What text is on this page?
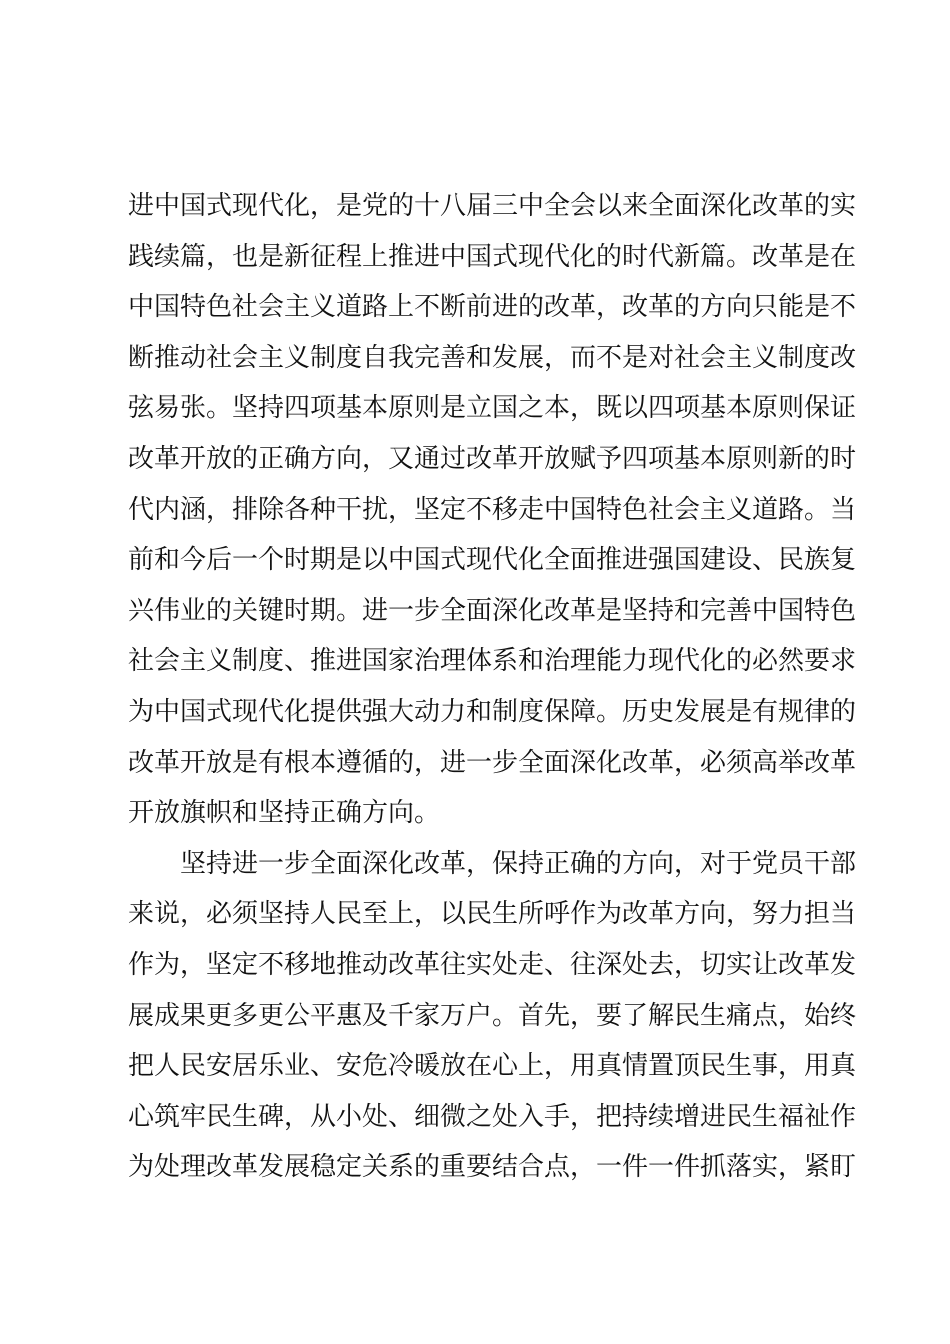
进中国式现代化，是党的十八届三中全会以来全面深化改革的实
践续篇，也是新征程上推进中国式现代化的时代新篇。改革是在
中国特色社会主义道路上不断前进的改革，改革的方向只能是不
断推动社会主义制度自我完善和发展，而不是对社会主义制度改
弦易张。坚持四项基本原则是立国之本，既以四项基本原则保证
改革开放的正确方向，又通过改革开放赋予四项基本原则新的时
代内涵，排除各种干扰，坚定不移走中国特色社会主义道路。当
前和今后一个时期是以中国式现代化全面推进强国建设、民族复
兴伟业的关键时期。进一步全面深化改革是坚持和完善中国特色
社会主义制度、推进国家治理体系和治理能力现代化的必然要求
为中国式现代化提供强大动力和制度保障。历史发展是有规律的
改革开放是有根本遵循的，进一步全面深化改革，必须高举改革
开放旗帜和坚持正确方向。
坚持进一步全面深化改革，保持正确的方向，对于党员干部
来说，必须坚持人民至上，以民生所呼作为改革方向，努力担当
作为，坚定不移地推动改革往实处走、往深处去，切实让改革发
展成果更多更公平惠及千家万户。首先，要了解民生痛点，始终
把人民安居乐业、安危冷暖放在心上，用真情置顶民生事，用真
心筑牢民生碑，从小处、细微之处入手，把持续增进民生福祉作
为处理改革发展稳定关系的重要结合点，一件一件抓落实，紧盯
